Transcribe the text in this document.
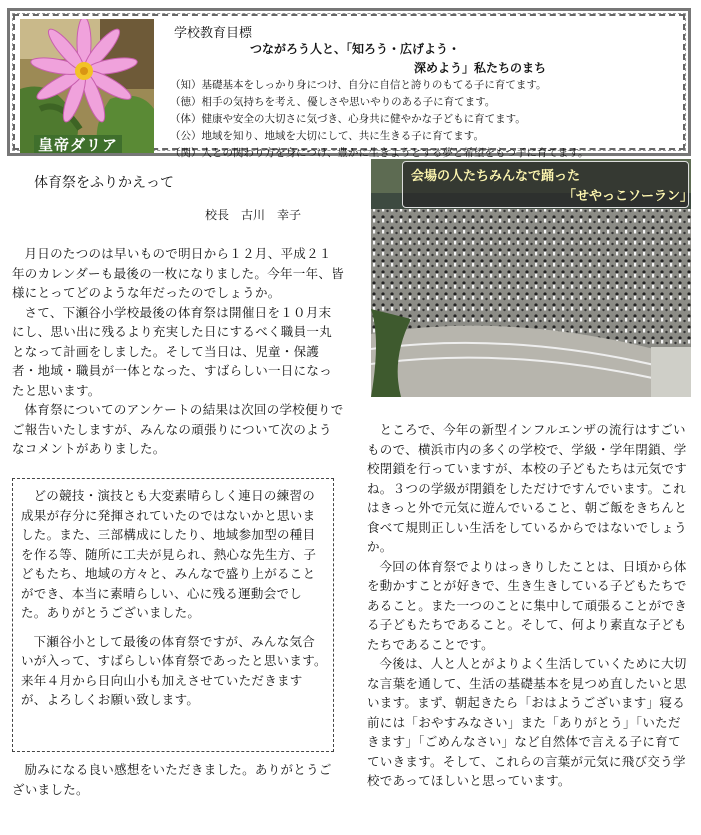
皇帝ダリア
学校教育目標
つながろう人と、「知ろう・広げよう・
深めよう」私たちのまち
（知）基礎基本をしっかり身につけ、自分に自信と誇りのもてる子に育てます。
（徳）相手の気持ちを考え、優しさや思いやりのある子に育てます。
（体）健康や安全の大切さに気づき、心身共に健やかな子どもに育てます。
（公）地域を知り、地域を大切にして、共に生きる子に育てます。
（関）人との関わり方を身につけ、豊かに生きようとする夢と希望をもつ子に育てます。
体育祭をふりかえって
校長　古川　幸子

月日のたつのは早いもので明日から１２月、平成２１年のカレンダーも最後の一枚になりました。今年一年、皆様にとってどのような年だったのでしょうか。

さて、下瀬谷小学校最後の体育祭は開催日を１０月末にし、思い出に残るより充実した日にするべく職員一丸となって計画をしました。そして当日は、児童・保護者・地域・職員が一体となった、すばらしい一日になったと思います。

体育祭についてのアンケートの結果は次回の学校便りでご報告いたしますが、みんなの頑張りについて次のようなコメントがありました。

どの競技・演技とも大変素晴らしく連日の練習の成果が存分に発揮されていたのではないかと思いました。また、三部構成にしたり、地域参加型の種目を作る等、随所に工夫が見られ、熱心な先生方、子どもたち、地域の方々と、みんなで盛り上がることができ、本当に素晴らしい、心に残る運動会でした。ありがとうございました。

下瀬谷小として最後の体育祭ですが、みんな気合いが入って、すばらしい体育祭であったと思います。来年４月から日向山小も加えさせていただきますが、よろしくお願い致します。

励みになる良い感想をいただきました。ありがとうございました。

会場の人たちみんなで踊った
「せやっこソーラン」

ところで、今年の新型インフルエンザの流行はすごいもので、横浜市内の多くの学校で、学級・学年閉鎖、学校閉鎖を行っていますが、本校の子どもたちは元気ですね。３つの学級が閉鎖をしただけですんでいます。これはきっと外で元気に遊んでいること、朝ご飯をきちんと食べて規則正しい生活をしているからではないでしょうか。

今回の体育祭でよりはっきりしたことは、日頃から体を動かすことが好きで、生き生きしている子どもたちであること。また一つのことに集中して頑張ることができる子どもたちであること。そして、何より素直な子どもたちであることです。

今後は、人と人とがよりよく生活していくために大切な言葉を通して、生活の基礎基本を見つめ直したいと思います。まず、朝起きたら「おはようございます」寝る前には「おやすみなさい」また「ありがとう」「いただきます」「ごめんなさい」など自然体で言える子に育てていきます。そして、これらの言葉が元気に飛び交う学校であってほしいと思っています。
